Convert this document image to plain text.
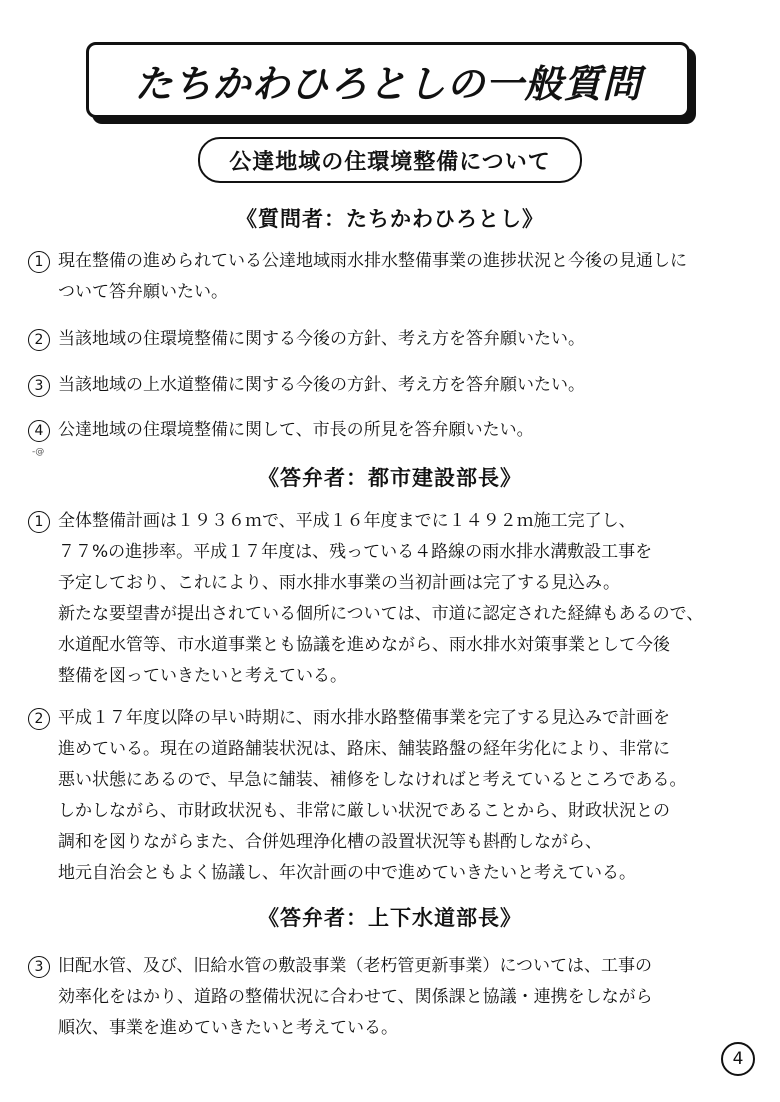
たちかわひろとしの一般質問
公達地域の住環境整備について
《質問者：たちかわひろとし》
1 現在整備の進められている公達地域雨水排水整備事業の進捗状況と今後の見通しに
ついて答弁願いたい。
2 当該地域の住環境整備に関する今後の方針、考え方を答弁願いたい。
3 当該地域の上水道整備に関する今後の方針、考え方を答弁願いたい。
4 公達地域の住環境整備に関して、市長の所見を答弁願いたい。
-@
《答弁者：都市建設部長》
1 全体整備計画は１９３６ｍで、平成１６年度までに１４９２ｍ施工完了し、
７７%の進捗率。平成１７年度は、残っている４路線の雨水排水溝敷設工事を
予定しており、これにより、雨水排水事業の当初計画は完了する見込み。
新たな要望書が提出されている個所については、市道に認定された経緯もあるので、
水道配水管等、市水道事業とも協議を進めながら、雨水排水対策事業として今後
整備を図っていきたいと考えている。
2 平成１７年度以降の早い時期に、雨水排水路整備事業を完了する見込みで計画を
進めている。現在の道路舗装状況は、路床、舗装路盤の経年劣化により、非常に
悪い状態にあるので、早急に舗装、補修をしなければと考えているところである。
しかしながら、市財政状況も、非常に厳しい状況であることから、財政状況との
調和を図りながらまた、合併処理浄化槽の設置状況等も斟酌しながら、
地元自治会ともよく協議し、年次計画の中で進めていきたいと考えている。
《答弁者：上下水道部長》
3 旧配水管、及び、旧給水管の敷設事業（老朽管更新事業）については、工事の
効率化をはかり、道路の整備状況に合わせて、関係課と協議・連携をしながら
順次、事業を進めていきたいと考えている。
4
